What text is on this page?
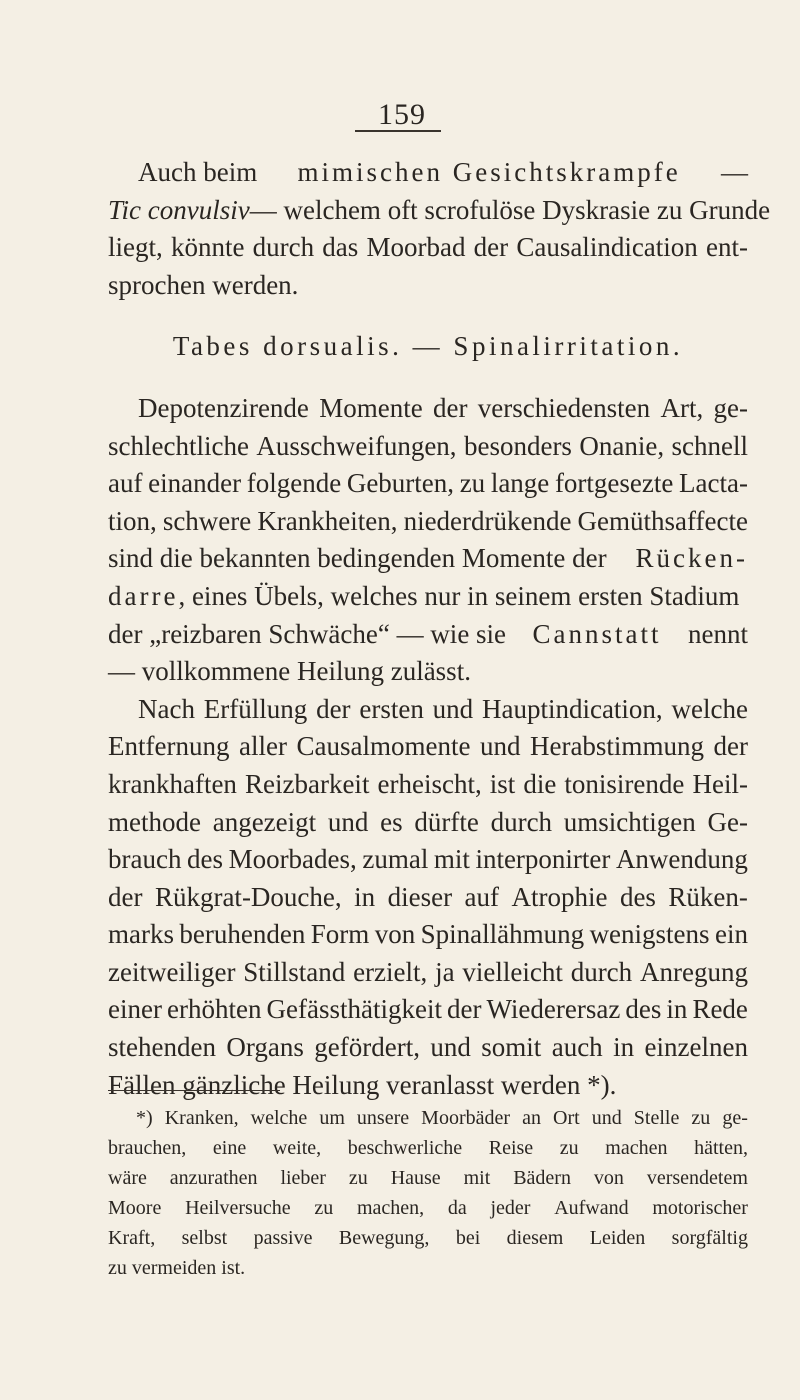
159
Auch beim mimischen Gesichtskrampfe —
Tic convulsiv — welchem oft scrofulöse Dyskrasie zu Grunde
liegt, könnte durch das Moorbad der Causalindication ent-
sprochen werden.
Tabes dorsualis. — Spinalirritation.
Depotenzirende Momente der verschiedensten Art, ge-
schlechtliche Ausschweifungen, besonders Onanie, schnell
auf einander folgende Geburten, zu lange fortgesezte Lacta-
tion, schwere Krankheiten, niederdrükende Gemüthsaffecte
sind die bekannten bedingenden Momente der Rücken-
darre, eines Übels, welches nur in seinem ersten Stadium
der „reizbaren Schwäche“ — wie sie Cannstatt nennt
— vollkommene Heilung zulässt.
Nach Erfüllung der ersten und Hauptindication, welche
Entfernung aller Causalmomente und Herabstimmung der
krankhaften Reizbarkeit erheischt, ist die tonisirende Heil-
methode angezeigt und es dürfte durch umsichtigen Ge-
brauch des Moorbades, zumal mit interponirter Anwendung
der Rükgrat-Douche, in dieser auf Atrophie des Rüken-
marks beruhenden Form von Spinallähmung wenigstens ein
zeitweiliger Stillstand erzielt, ja vielleicht durch Anregung
einer erhöhten Gefässthätigkeit der Wiederersaz des in Rede
stehenden Organs gefördert, und somit auch in einzelnen
Fällen gänzliche Heilung veranlasst werden *).
*) Kranken, welche um unsere Moorbäder an Ort und Stelle zu ge-
brauchen, eine weite, beschwerliche Reise zu machen hätten,
wäre anzurathen lieber zu Hause mit Bädern von versendetem
Moore Heilversuche zu machen, da jeder Aufwand motorischer
Kraft, selbst passive Bewegung, bei diesem Leiden sorgfältig
zu vermeiden ist.
